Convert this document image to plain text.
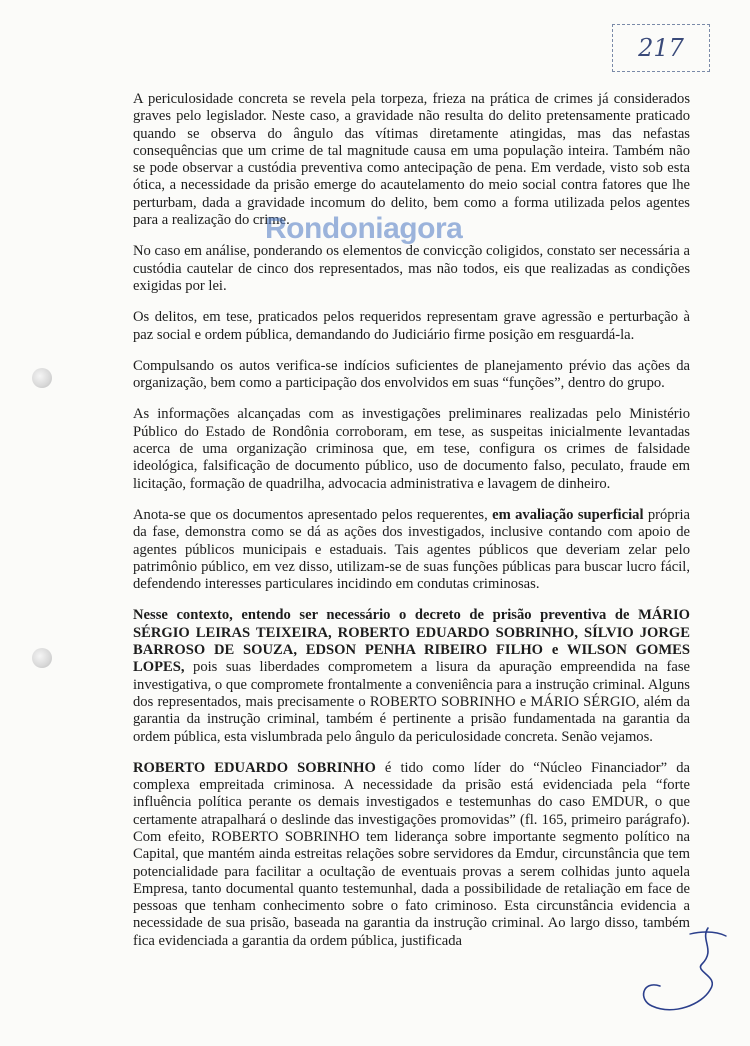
217

A periculosidade concreta se revela pela torpeza, frieza na prática de crimes já considerados graves pelo legislador. Neste caso, a gravidade não resulta do delito pretensamente praticado quando se observa do ângulo das vítimas diretamente atingidas, mas das nefastas consequências que um crime de tal magnitude causa em uma população inteira. Também não se pode observar a custódia preventiva como antecipação de pena. Em verdade, visto sob esta ótica, a necessidade da prisão emerge do acautelamento do meio social contra fatores que lhe perturbam, dada a gravidade incomum do delito, bem como a forma utilizada pelos agentes para a realização do crime.

No caso em análise, ponderando os elementos de convicção coligidos, constato ser necessária a custódia cautelar de cinco dos representados, mas não todos, eis que realizadas as condições exigidas por lei.

Os delitos, em tese, praticados pelos requeridos representam grave agressão e perturbação à paz social e ordem pública, demandando do Judiciário firme posição em resguardá-la.

Compulsando os autos verifica-se indícios suficientes de planejamento prévio das ações da organização, bem como a participação dos envolvidos em suas “funções”, dentro do grupo.

As informações alcançadas com as investigações preliminares realizadas pelo Ministério Público do Estado de Rondônia corroboram, em tese, as suspeitas inicialmente levantadas acerca de uma organização criminosa que, em tese, configura os crimes de falsidade ideológica, falsificação de documento público, uso de documento falso, peculato, fraude em licitação, formação de quadrilha, advocacia administrativa e lavagem de dinheiro.

Anota-se que os documentos apresentado pelos requerentes, em avaliação superficial própria da fase, demonstra como se dá as ações dos investigados, inclusive contando com apoio de agentes públicos municipais e estaduais. Tais agentes públicos que deveriam zelar pelo patrimônio público, em vez disso, utilizam-se de suas funções públicas para buscar lucro fácil, defendendo interesses particulares incidindo em condutas criminosas.

Nesse contexto, entendo ser necessário o decreto de prisão preventiva de MÁRIO SÉRGIO LEIRAS TEIXEIRA, ROBERTO EDUARDO SOBRINHO, SÍLVIO JORGE BARROSO DE SOUZA, EDSON PENHA RIBEIRO FILHO e WILSON GOMES LOPES, pois suas liberdades comprometem a lisura da apuração empreendida na fase investigativa, o que compromete frontalmente a conveniência para a instrução criminal. Alguns dos representados, mais precisamente o ROBERTO SOBRINHO e MÁRIO SÉRGIO, além da garantia da instrução criminal, também é pertinente a prisão fundamentada na garantia da ordem pública, esta vislumbrada pelo ângulo da periculosidade concreta. Senão vejamos.

ROBERTO EDUARDO SOBRINHO é tido como líder do “Núcleo Financiador” da complexa empreitada criminosa. A necessidade da prisão está evidenciada pela “forte influência política perante os demais investigados e testemunhas do caso EMDUR, o que certamente atrapalhará o deslinde das investigações promovidas” (fl. 165, primeiro parágrafo). Com efeito, ROBERTO SOBRINHO tem liderança sobre importante segmento político na Capital, que mantém ainda estreitas relações sobre servidores da Emdur, circunstância que tem potencialidade para facilitar a ocultação de eventuais provas a serem colhidas junto aquela Empresa, tanto documental quanto testemunhal, dada a possibilidade de retaliação em face de pessoas que tenham conhecimento sobre o fato criminoso. Esta circunstância evidencia a necessidade de sua prisão, baseada na garantia da instrução criminal. Ao largo disso, também fica evidenciada a garantia da ordem pública, justificada

Rondoniagora
